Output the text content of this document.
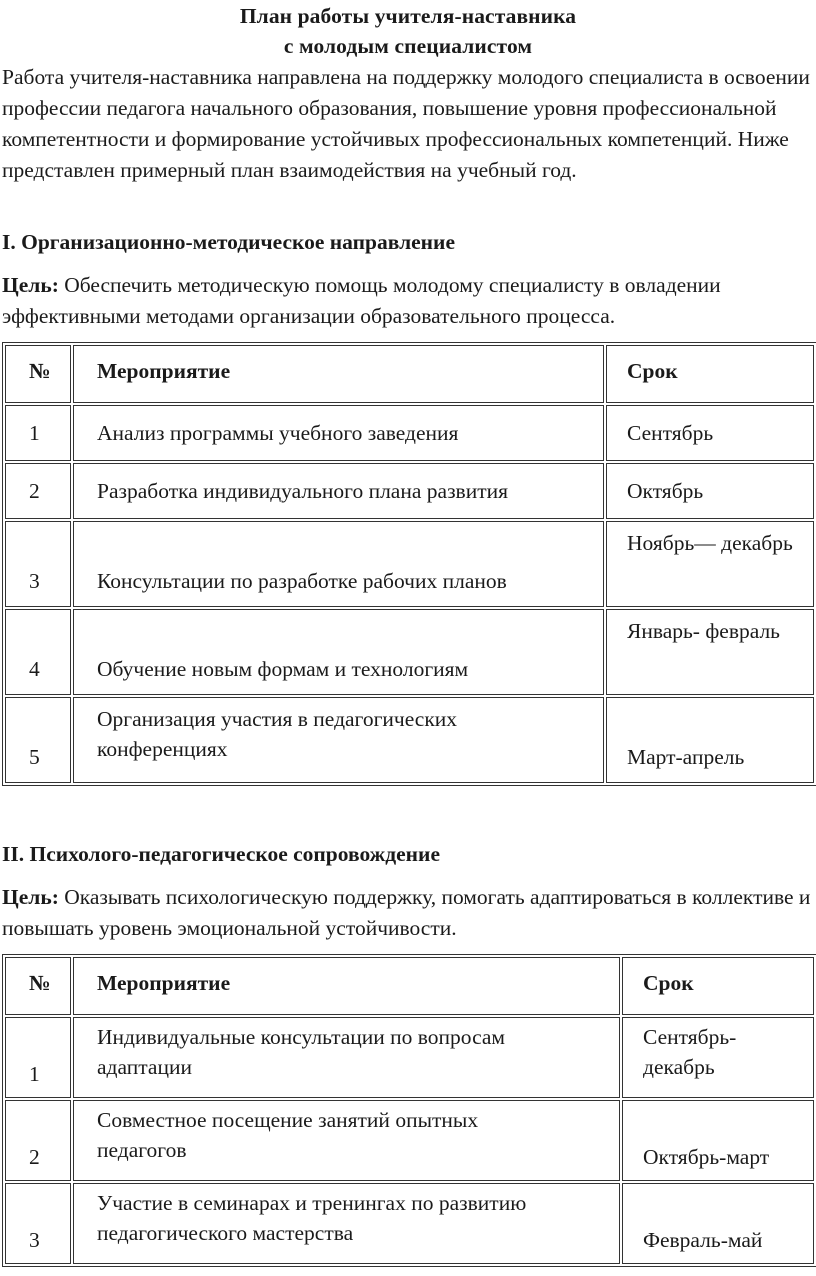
План работы учителя-наставника
с молодым специалистом

Работа учителя-наставника направлена на поддержку молодого специалиста в освоении профессии педагога начального образования, повышение уровня профессиональной компетентности и формирование устойчивых профессиональных компетенций. Ниже представлен примерный план взаимодействия на учебный год.

I. Организационно-методическое направление

Цель: Обеспечить методическую помощь молодому специалисту в овладении эффективными методами организации образовательного процесса.

№	Мероприятие	Срок
1	Анализ программы учебного заведения	Сентябрь
2	Разработка индивидуального плана развития	Октябрь
3	Консультации по разработке рабочих планов	Ноябрь— декабрь
4	Обучение новым формам и технологиям	Январь- февраль
5	Организация участия в педагогических конференциях	Март-апрель
II. Психолого-педагогическое сопровождение

Цель: Оказывать психологическую поддержку, помогать адаптироваться в коллективе и повышать уровень эмоциональной устойчивости.

№	Мероприятие	Срок
1	Индивидуальные консультации по вопросам адаптации	Сентябрь- декабрь
2	Совместное посещение занятий опытных педагогов	Октябрь-март
3	Участие в семинарах и тренингах по развитию педагогического мастерства	Февраль-май
